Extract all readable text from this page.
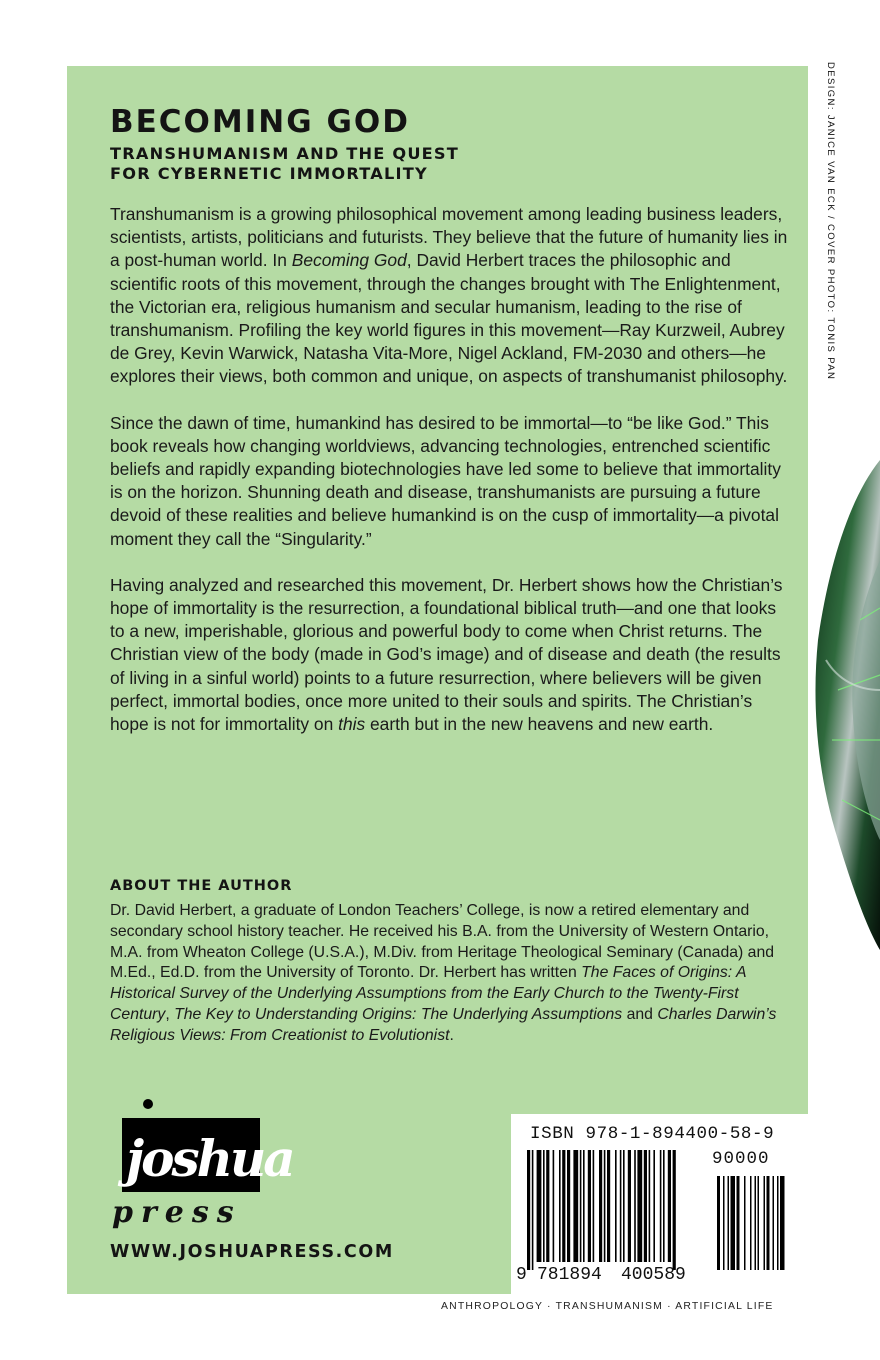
DESIGN: JANICE VAN ECK / COVER PHOTO: TONIS PAN
BECOMING GOD
TRANSHUMANISM AND THE QUEST
FOR CYBERNETIC IMMORTALITY

Transhumanism is a growing philosophical movement among leading business leaders, scientists, artists, politicians and futurists. They believe that the future of humanity lies in a post-human world. In Becoming God, David Herbert traces the philosophic and scientific roots of this movement, through the changes brought with The Enlightenment, the Victorian era, religious humanism and secular humanism, leading to the rise of transhumanism. Profiling the key world figures in this movement—Ray Kurzweil, Aubrey de Grey, Kevin Warwick, Natasha Vita-More, Nigel Ackland, FM-2030 and others—he explores their views, both common and unique, on aspects of transhumanist philosophy.

Since the dawn of time, humankind has desired to be immortal—to “be like God.” This book reveals how changing worldviews, advancing technologies, entrenched scientific beliefs and rapidly expanding biotechnologies have led some to believe that immortality is on the horizon. Shunning death and disease, transhumanists are pursuing a future devoid of these realities and believe humankind is on the cusp of immortality—a pivotal moment they call the “Singularity.”

Having analyzed and researched this movement, Dr. Herbert shows how the Christian’s hope of immortality is the resurrection, a foundational biblical truth—and one that looks to a new, imperishable, glorious and powerful body to come when Christ returns. The Christian view of the body (made in God’s image) and of disease and death (the results of living in a sinful world) points to a future resurrection, where believers will be given perfect, immortal bodies, once more united to their souls and spirits. The Christian’s hope is not for immortality on this earth but in the new heavens and new earth.

ABOUT THE AUTHOR

Dr. David Herbert, a graduate of London Teachers’ College, is now a retired elementary and secondary school history teacher. He received his B.A. from the University of Western Ontario, M.A. from Wheaton College (U.S.A.), M.Div. from Heritage Theological Seminary (Canada) and M.Ed., Ed.D. from the University of Toronto. Dr. Herbert has written The Faces of Origins: A Historical Survey of the Underlying Assumptions from the Early Church to the Twenty-First Century, The Key to Understanding Origins: The Underlying Assumptions and Charles Darwin’s Religious Views: From Creationist to Evolutionist.

joshua
press

WWW.JOSHUAPRESS.COM

ISBN 978-1-894400-58-9

90000

9 781894 400589

ANTHROPOLOGY · TRANSHUMANISM · ARTIFICIAL LIFE
